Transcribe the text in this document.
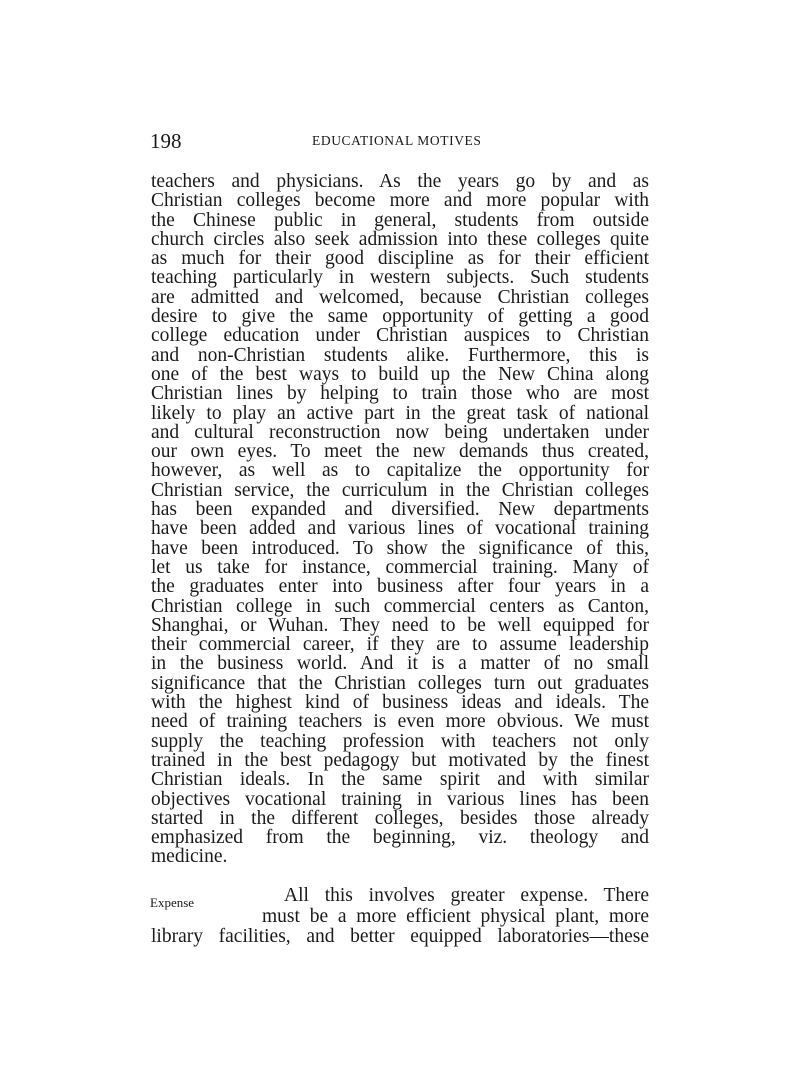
198	EDUCATIONAL MOTIVES
teachers and physicians. As the years go by and as
Christian colleges become more and more popular with
the Chinese public in general, students from outside
church circles also seek admission into these colleges quite
as much for their good discipline as for their efficient
teaching particularly in western subjects. Such students
are admitted and welcomed, because Christian colleges
desire to give the same opportunity of getting a good
college education under Christian auspices to Christian
and non-Christian students alike. Furthermore, this is
one of the best ways to build up the New China along
Christian lines by helping to train those who are most
likely to play an active part in the great task of national
and cultural reconstruction now being undertaken under
our own eyes. To meet the new demands thus created,
however, as well as to capitalize the opportunity for
Christian service, the curriculum in the Christian colleges
has been expanded and diversified. New departments
have been added and various lines of vocational training
have been introduced. To show the significance of this,
let us take for instance, commercial training. Many of
the graduates enter into business after four years in a
Christian college in such commercial centers as Canton,
Shanghai, or Wuhan. They need to be well equipped for
their commercial career, if they are to assume leadership
in the business world. And it is a matter of no small
significance that the Christian colleges turn out graduates
with the highest kind of business ideas and ideals. The
need of training teachers is even more obvious. We must
supply the teaching profession with teachers not only
trained in the best pedagogy but motivated by the finest
Christian ideals. In the same spirit and with similar
objectives vocational training in various lines has been
started in the different colleges, besides those already
emphasized from the beginning, viz. theology and
medicine.
Expense	All this involves greater expense. There
must be a more efficient physical plant, more
library facilities, and better equipped laboratories—these
